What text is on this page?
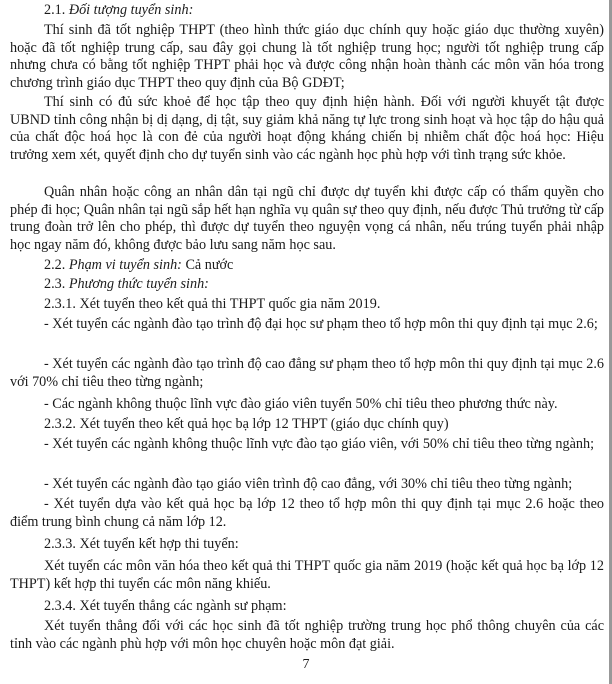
2.1. Đối tượng tuyển sinh:

Thí sinh đã tốt nghiệp THPT (theo hình thức giáo dục chính quy hoặc giáo dục thường xuyên) hoặc đã tốt nghiệp trung cấp, sau đây gọi chung là tốt nghiệp trung học; người tốt nghiệp trung cấp nhưng chưa có bằng tốt nghiệp THPT phải học và được công nhận hoàn thành các môn văn hóa trong chương trình giáo dục THPT theo quy định của Bộ GDĐT;

Thí sinh có đủ sức khoẻ để học tập theo quy định hiện hành. Đối với người khuyết tật được UBND tỉnh công nhận bị dị dạng, dị tật, suy giảm khả năng tự lực trong sinh hoạt và học tập do hậu quả của chất độc hoá học là con đẻ của người hoạt động kháng chiến bị nhiễm chất độc hoá học: Hiệu trưởng xem xét, quyết định cho dự tuyển sinh vào các ngành học phù hợp với tình trạng sức khỏe.

Quân nhân hoặc công an nhân dân tại ngũ chỉ được dự tuyển khi được cấp có thẩm quyền cho phép đi học; Quân nhân tại ngũ sắp hết hạn nghĩa vụ quân sự theo quy định, nếu được Thủ trưởng từ cấp trung đoàn trở lên cho phép, thì được dự tuyển theo nguyện vọng cá nhân, nếu trúng tuyển phải nhập học ngay năm đó, không được bảo lưu sang năm học sau.

2.2. Phạm vi tuyển sinh: Cả nước

2.3. Phương thức tuyển sinh:

2.3.1. Xét tuyển theo kết quả thi THPT quốc gia năm 2019.

- Xét tuyển các ngành đào tạo trình độ đại học sư phạm theo tổ hợp môn thi quy định tại mục 2.6;

- Xét tuyển các ngành đào tạo trình độ cao đẳng sư phạm theo tổ hợp môn thi quy định tại mục 2.6 với 70% chỉ tiêu theo từng ngành;

- Các ngành không thuộc lĩnh vực đào giáo viên tuyển 50% chỉ tiêu theo phương thức này.

2.3.2. Xét tuyển theo kết quả học bạ lớp 12 THPT (giáo dục chính quy)

- Xét tuyển các ngành không thuộc lĩnh vực đào tạo giáo viên, với 50% chỉ tiêu theo từng ngành;

- Xét tuyển các ngành đào tạo giáo viên trình độ cao đẳng, với 30% chỉ tiêu theo từng ngành;

- Xét tuyển dựa vào kết quả học bạ lớp 12 theo tổ hợp môn thi quy định tại mục 2.6 hoặc theo điểm trung bình chung cả năm lớp 12.

2.3.3. Xét tuyển kết hợp thi tuyển:

Xét tuyển các môn văn hóa theo kết quả thi THPT quốc gia năm 2019 (hoặc kết quả học bạ lớp 12 THPT) kết hợp thi tuyển các môn năng khiếu.

2.3.4. Xét tuyển thẳng các ngành sư phạm:

Xét tuyển thẳng đối với các học sinh đã tốt nghiệp trường trung học phổ thông chuyên của các tỉnh vào các ngành phù hợp với môn học chuyên hoặc môn đạt giải.

7
